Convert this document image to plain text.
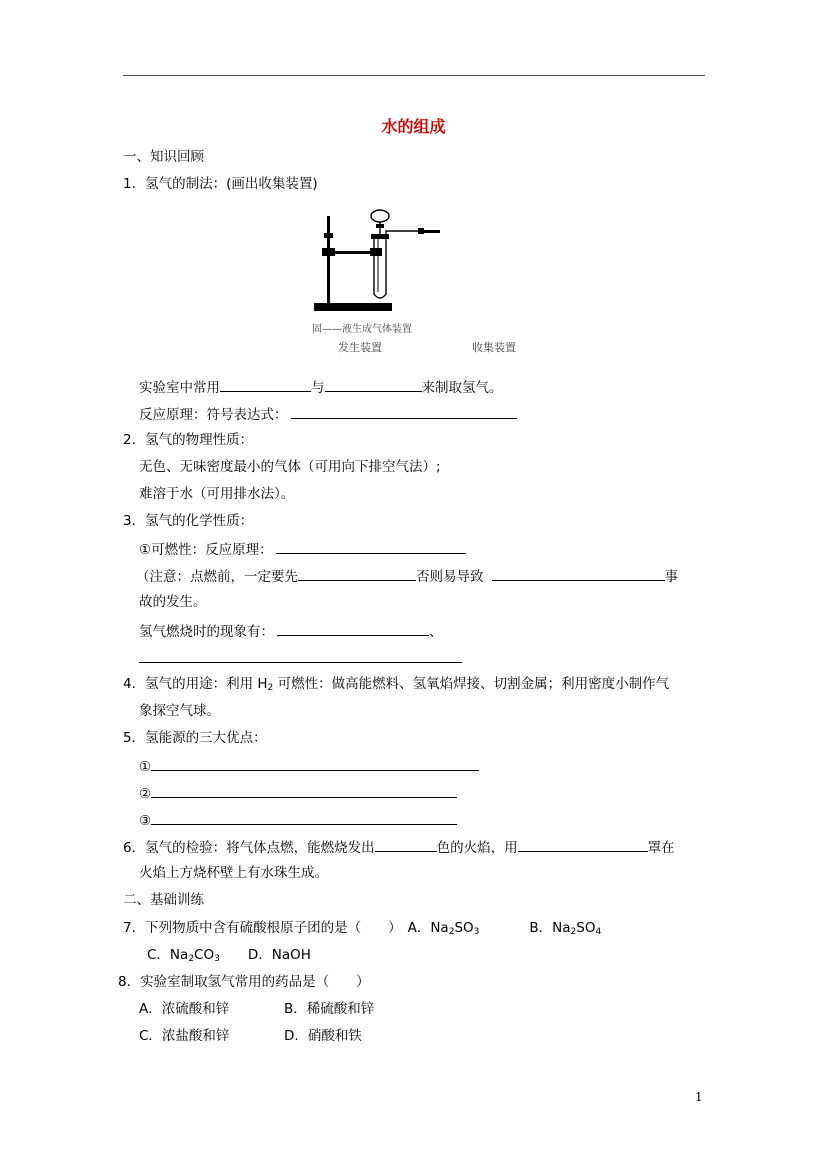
水的组成
一、知识回顾
1．氢气的制法：(画出收集装置)
固——液生成气体装置
发生装置	收集装置
实验室中常用	与	来制取氢气。
反应原理：符号表达式：
2．氢气的物理性质：
无色、无味密度最小的气体（可用向下排空气法）;
难溶于水（可用排水法）。
3．氢气的化学性质：
①可燃性：反应原理：
（注意：点燃前，一定要先	否则易导致	事
故的发生。
氢气燃烧时的现象有：	、
4．氢气的用途：利用 $H_2$ 可燃性：做高能燃料、氢氧焰焊接、切割金属；利用密度小制作气
象探空气球。
5．氢能源的三大优点：
①
②
③
6．氢气的检验：将气体点燃，能燃烧发出	色的火焰，用	罩在
火焰上方烧杯壁上有水珠生成。
二、基础训练
7．下列物质中含有硫酸根原子团的是（　　） A．$Na_2SO_3$	B．$Na_2SO_4$
C．$Na_2CO_3$ D．NaOH
8．实验室制取氢气常用的药品是（　　）
A．浓硫酸和锌	B．稀硫酸和锌
C．浓盐酸和锌	D．硝酸和铁
1
